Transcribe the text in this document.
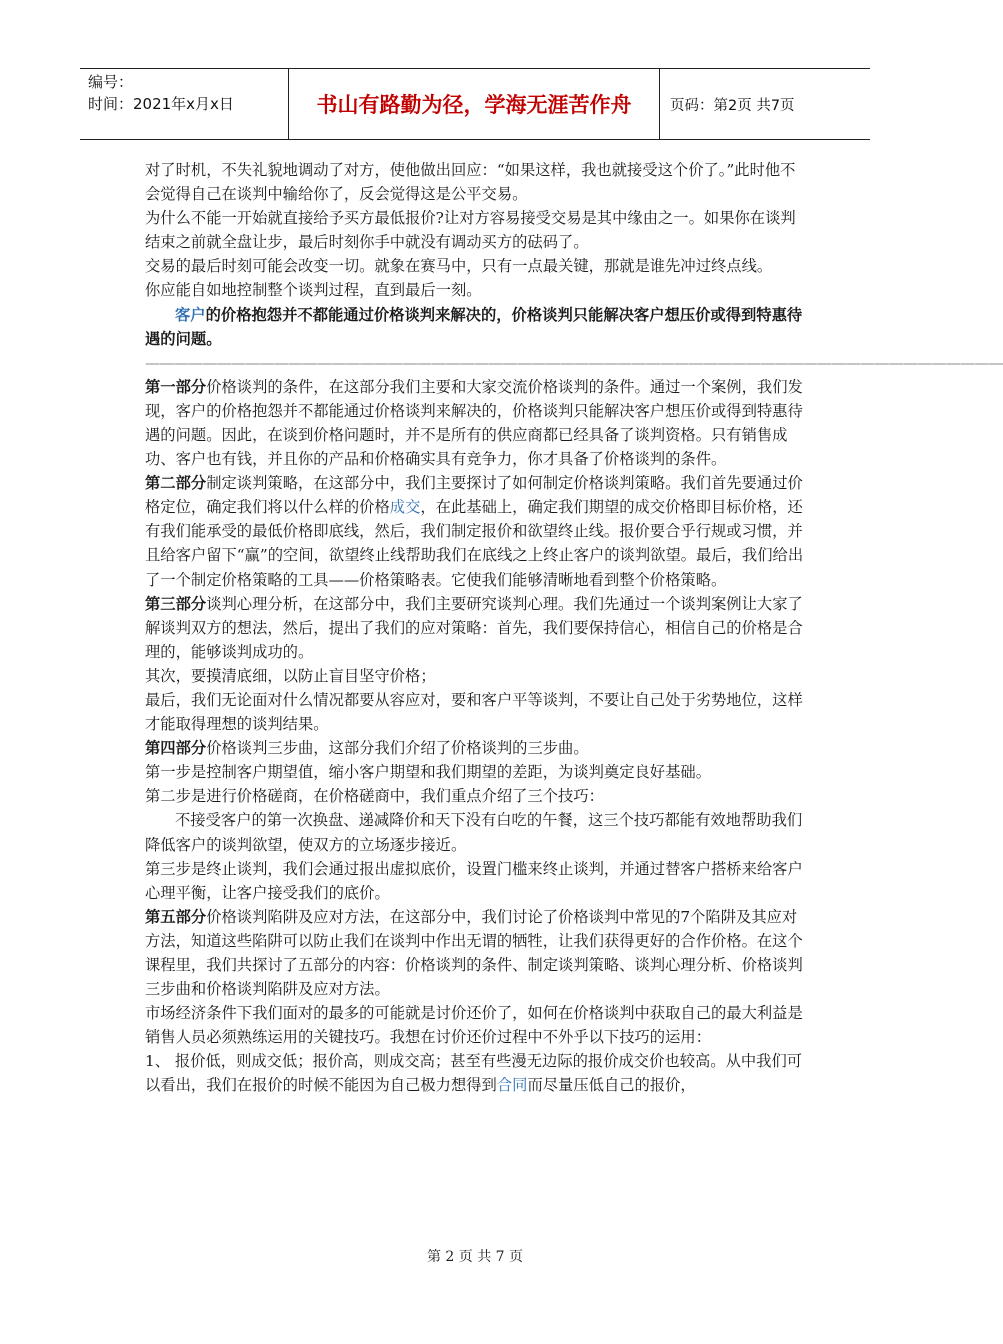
编号：
时间：2021年x月x日	书山有路勤为径，学海无涯苦作舟	页码：第2页 共7页

对了时机，不失礼貌地调动了对方，使他做出回应：“如果这样，我也就接受这个价了。”此时他不会觉得自己在谈判中输给你了，反会觉得这是公平交易。

为什么不能一开始就直接给予买方最低报价?让对方容易接受交易是其中缘由之一。如果你在谈判结束之前就全盘让步，最后时刻你手中就没有调动买方的砝码了。

交易的最后时刻可能会改变一切。就象在赛马中，只有一点最关键，那就是谁先冲过终点线。

你应能自如地控制整个谈判过程，直到最后一刻。

客户的价格抱怨并不都能通过价格谈判来解决的，价格谈判只能解决客户想压价或得到特惠待遇的问题。

————————————————————————————————————————————————————————————

第一部分价格谈判的条件，在这部分我们主要和大家交流价格谈判的条件。通过一个案例，我们发现，客户的价格抱怨并不都能通过价格谈判来解决的，价格谈判只能解决客户想压价或得到特惠待遇的问题。因此，在谈到价格问题时，并不是所有的供应商都已经具备了谈判资格。只有销售成功、客户也有钱，并且你的产品和价格确实具有竞争力，你才具备了价格谈判的条件。

第二部分制定谈判策略，在这部分中，我们主要探讨了如何制定价格谈判策略。我们首先要通过价格定位，确定我们将以什么样的价格成交，在此基础上，确定我们期望的成交价格即目标价格，还有我们能承受的最低价格即底线，然后，我们制定报价和欲望终止线。报价要合乎行规或习惯，并且给客户留下“赢”的空间，欲望终止线帮助我们在底线之上终止客户的谈判欲望。最后，我们给出了一个制定价格策略的工具——价格策略表。它使我们能够清晰地看到整个价格策略。

第三部分谈判心理分析，在这部分中，我们主要研究谈判心理。我们先通过一个谈判案例让大家了解谈判双方的想法，然后，提出了我们的应对策略：首先，我们要保持信心，相信自己的价格是合理的，能够谈判成功的。

其次，要摸清底细，以防止盲目坚守价格；

最后，我们无论面对什么情况都要从容应对，要和客户平等谈判，不要让自己处于劣势地位，这样才能取得理想的谈判结果。

第四部分价格谈判三步曲，这部分我们介绍了价格谈判的三步曲。

第一步是控制客户期望值，缩小客户期望和我们期望的差距，为谈判奠定良好基础。

第二步是进行价格磋商，在价格磋商中，我们重点介绍了三个技巧：

不接受客户的第一次换盘、递减降价和天下没有白吃的午餐，这三个技巧都能有效地帮助我们降低客户的谈判欲望，使双方的立场逐步接近。

第三步是终止谈判，我们会通过报出虚拟底价，设置门槛来终止谈判，并通过替客户搭桥来给客户心理平衡，让客户接受我们的底价。

第五部分价格谈判陷阱及应对方法，在这部分中，我们讨论了价格谈判中常见的7个陷阱及其应对方法，知道这些陷阱可以防止我们在谈判中作出无谓的牺牲，让我们获得更好的合作价格。在这个课程里，我们共探讨了五部分的内容：价格谈判的条件、制定谈判策略、谈判心理分析、价格谈判三步曲和价格谈判陷阱及应对方法。

市场经济条件下我们面对的最多的可能就是讨价还价了，如何在价格谈判中获取自己的最大利益是销售人员必须熟练运用的关键技巧。我想在讨价还价过程中不外乎以下技巧的运用：

1、 报价低，则成交低；报价高，则成交高；甚至有些漫无边际的报价成交价也较高。从中我们可以看出，我们在报价的时候不能因为自己极力想得到合同而尽量压低自己的报价，

第 2 页 共 7 页
